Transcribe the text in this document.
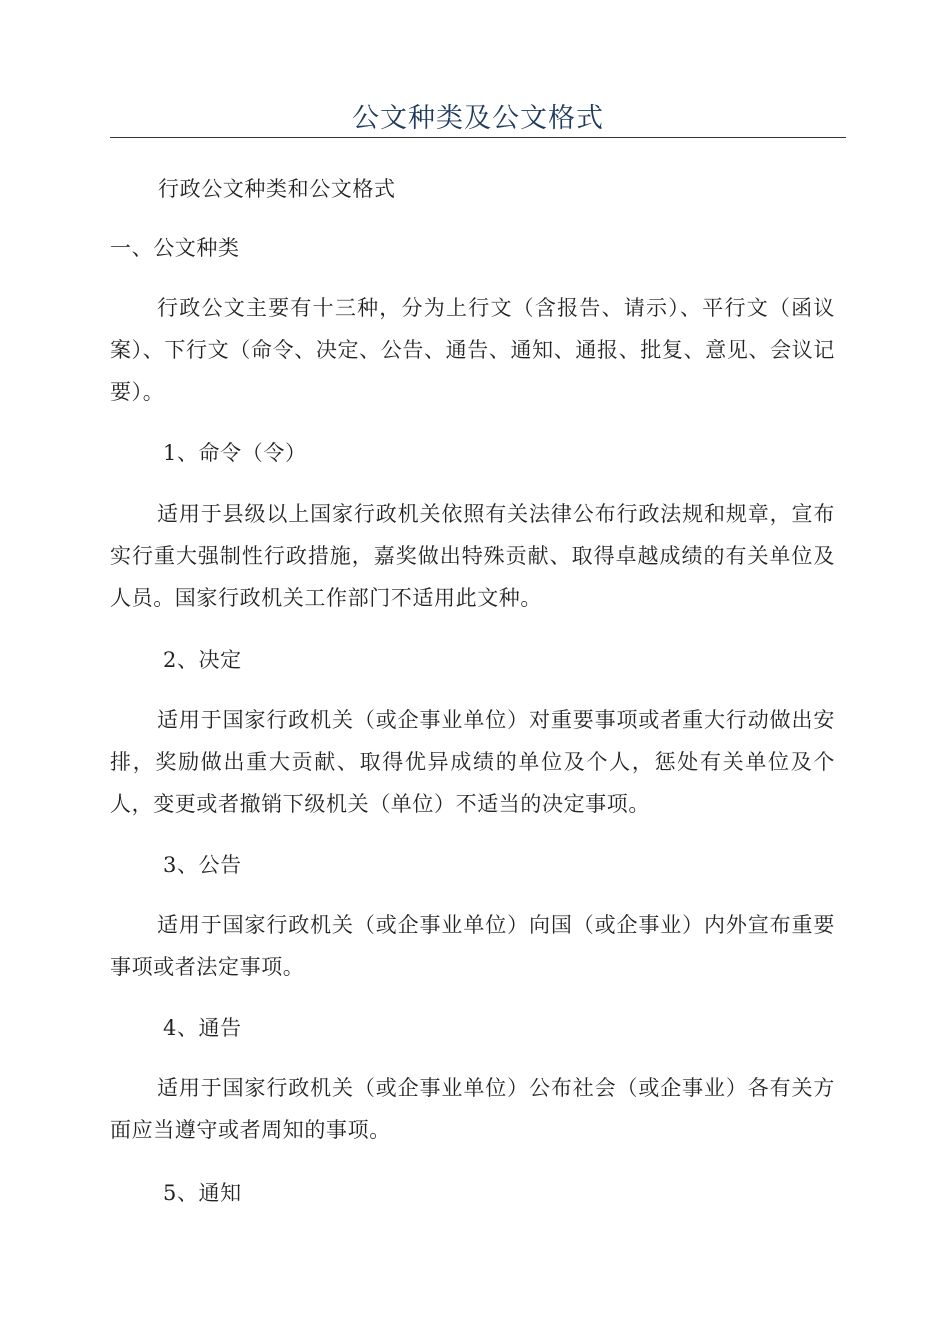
公文种类及公文格式
行政公文种类和公文格式
一、公文种类

行政公文主要有十三种，分为上行文（含报告、请示）、平行文（函议案）、下行文（命令、决定、公告、通告、通知、通报、批复、意见、会议记要）。

1、命令（令）

适用于县级以上国家行政机关依照有关法律公布行政法规和规章，宣布实行重大强制性行政措施，嘉奖做出特殊贡献、取得卓越成绩的有关单位及人员。国家行政机关工作部门不适用此文种。

2、决定

适用于国家行政机关（或企事业单位）对重要事项或者重大行动做出安排，奖励做出重大贡献、取得优异成绩的单位及个人，惩处有关单位及个人，变更或者撤销下级机关（单位）不适当的决定事项。

3、公告

适用于国家行政机关（或企事业单位）向国（或企事业）内外宣布重要事项或者法定事项。

4、通告

适用于国家行政机关（或企事业单位）公布社会（或企事业）各有关方面应当遵守或者周知的事项。

5、通知
